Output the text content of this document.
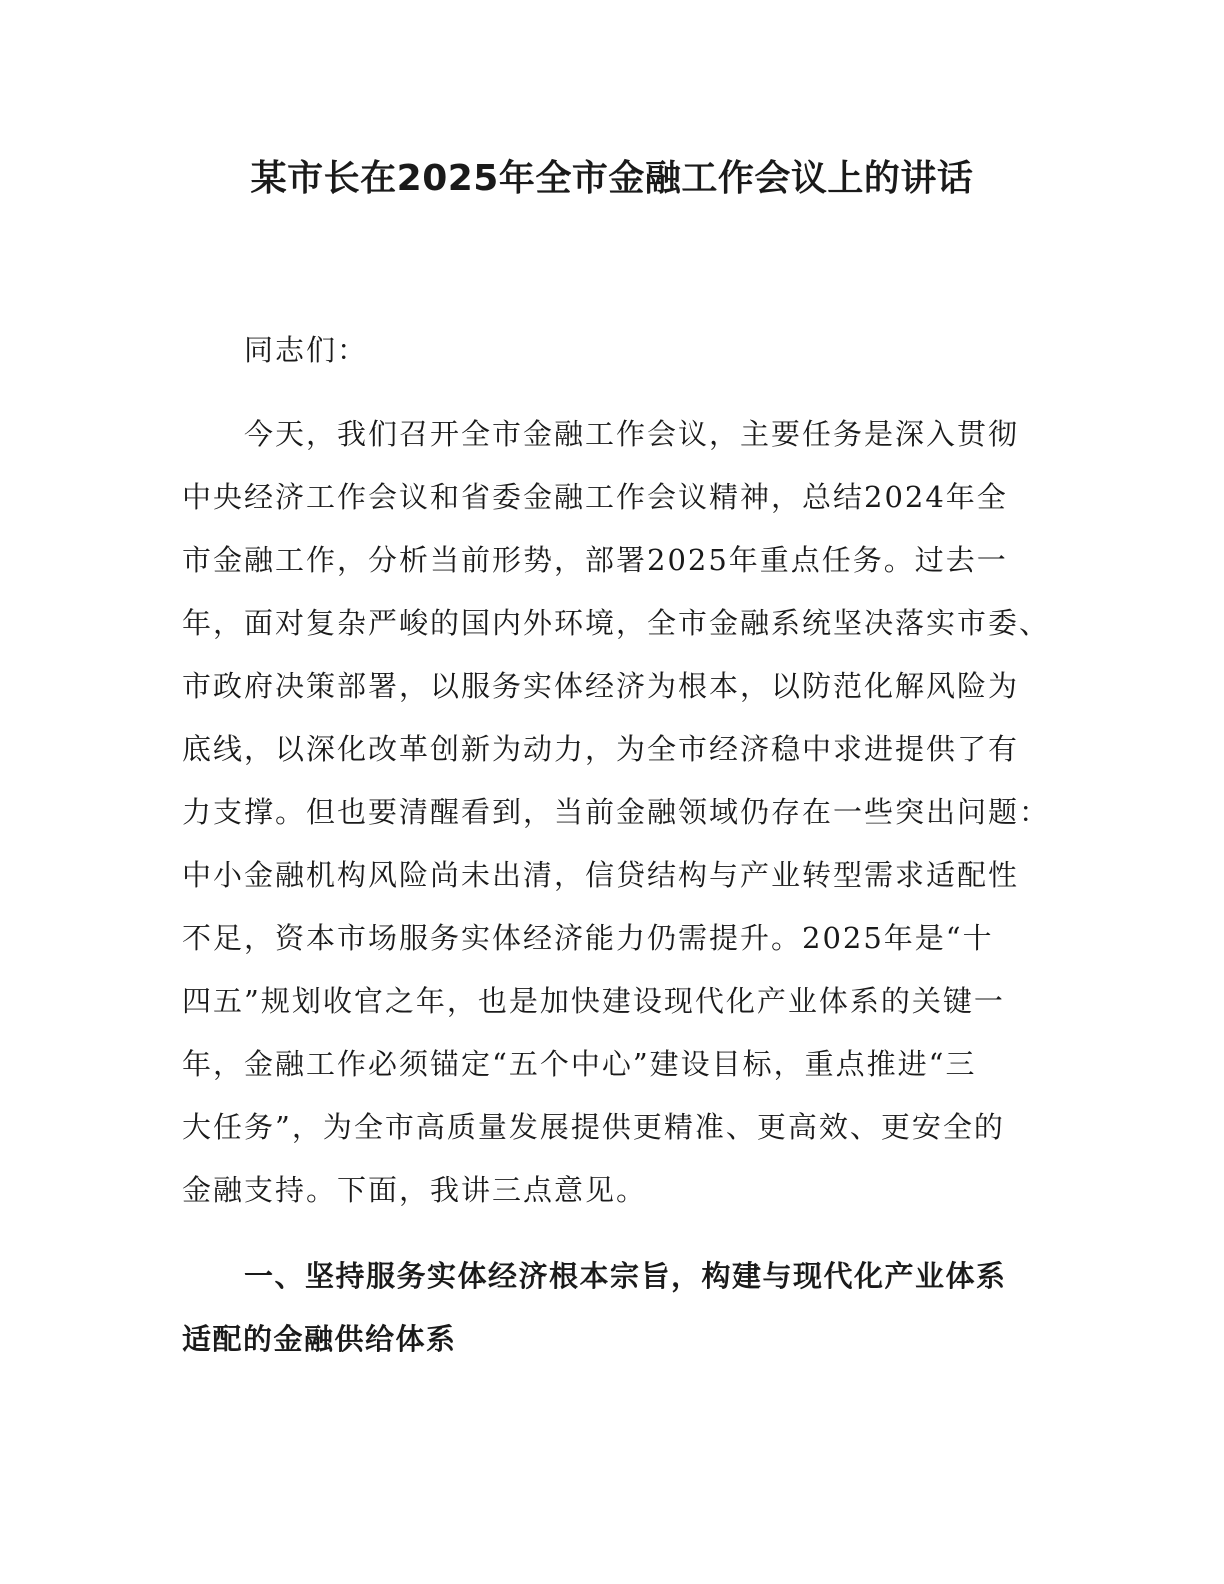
某市长在2025年全市金融工作会议上的讲话

同志们：

今天，我们召开全市金融工作会议，主要任务是深入贯彻

中央经济工作会议和省委金融工作会议精神，总结2024年全

市金融工作，分析当前形势，部署2025年重点任务。过去一

年，面对复杂严峻的国内外环境，全市金融系统坚决落实市委、

市政府决策部署，以服务实体经济为根本，以防范化解风险为

底线，以深化改革创新为动力，为全市经济稳中求进提供了有

力支撑。但也要清醒看到，当前金融领域仍存在一些突出问题：

中小金融机构风险尚未出清，信贷结构与产业转型需求适配性

不足，资本市场服务实体经济能力仍需提升。2025年是“十

四五”规划收官之年，也是加快建设现代化产业体系的关键一

年，金融工作必须锚定“五个中心”建设目标，重点推进“三

大任务”，为全市高质量发展提供更精准、更高效、更安全的

金融支持。下面，我讲三点意见。

一、坚持服务实体经济根本宗旨，构建与现代化产业体系

适配的金融供给体系
